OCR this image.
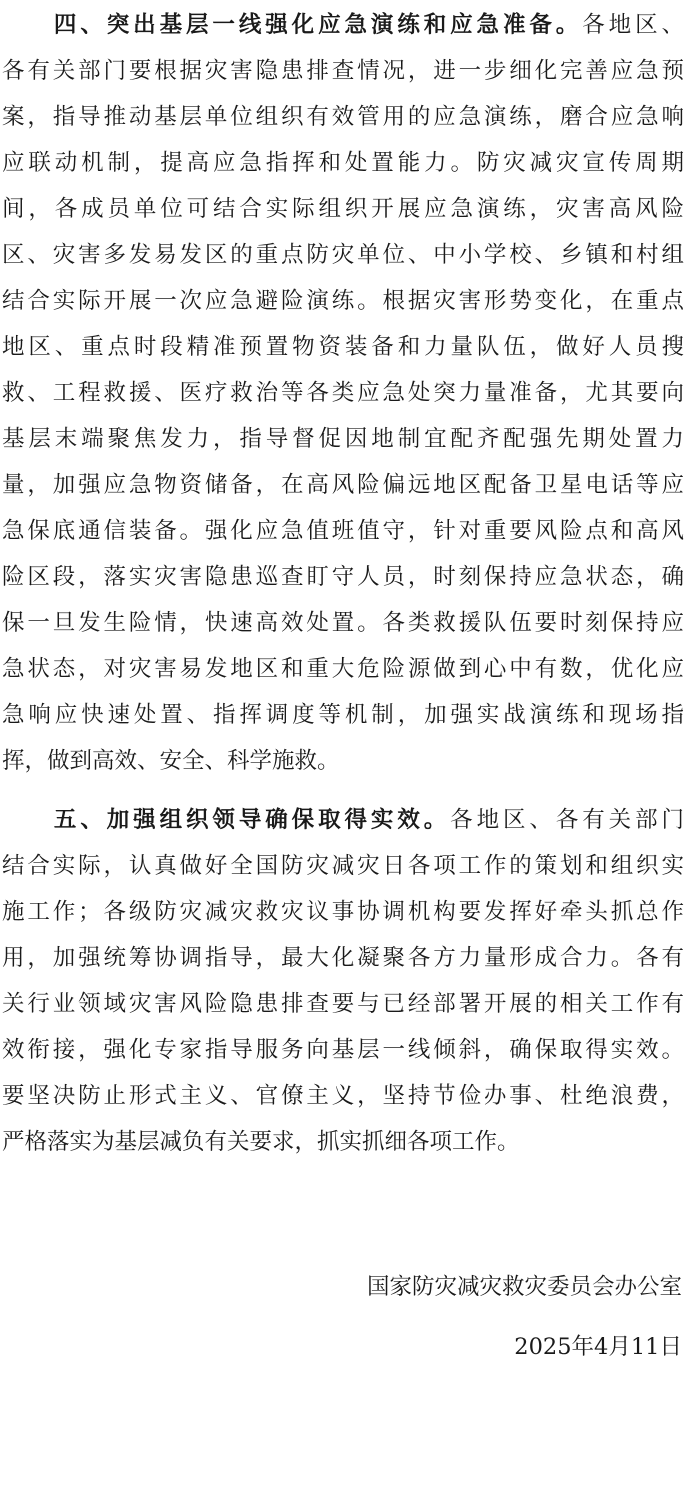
四、突出基层一线强化应急演练和应急准备。各地区、
各有关部门要根据灾害隐患排查情况，进一步细化完善应急预
案，指导推动基层单位组织有效管用的应急演练，磨合应急响
应联动机制，提高应急指挥和处置能力。防灾减灾宣传周期
间，各成员单位可结合实际组织开展应急演练，灾害高风险
区、灾害多发易发区的重点防灾单位、中小学校、乡镇和村组
结合实际开展一次应急避险演练。根据灾害形势变化，在重点
地区、重点时段精准预置物资装备和力量队伍，做好人员搜
救、工程救援、医疗救治等各类应急处突力量准备，尤其要向
基层末端聚焦发力，指导督促因地制宜配齐配强先期处置力
量，加强应急物资储备，在高风险偏远地区配备卫星电话等应
急保底通信装备。强化应急值班值守，针对重要风险点和高风
险区段，落实灾害隐患巡查盯守人员，时刻保持应急状态，确
保一旦发生险情，快速高效处置。各类救援队伍要时刻保持应
急状态，对灾害易发地区和重大危险源做到心中有数，优化应
急响应快速处置、指挥调度等机制，加强实战演练和现场指
挥，做到高效、安全、科学施救。
五、加强组织领导确保取得实效。各地区、各有关部门
结合实际，认真做好全国防灾减灾日各项工作的策划和组织实
施工作；各级防灾减灾救灾议事协调机构要发挥好牵头抓总作
用，加强统筹协调指导，最大化凝聚各方力量形成合力。各有
关行业领域灾害风险隐患排查要与已经部署开展的相关工作有
效衔接，强化专家指导服务向基层一线倾斜，确保取得实效。
要坚决防止形式主义、官僚主义，坚持节俭办事、杜绝浪费，
严格落实为基层减负有关要求，抓实抓细各项工作。
国家防灾减灾救灾委员会办公室
2025年4月11日
